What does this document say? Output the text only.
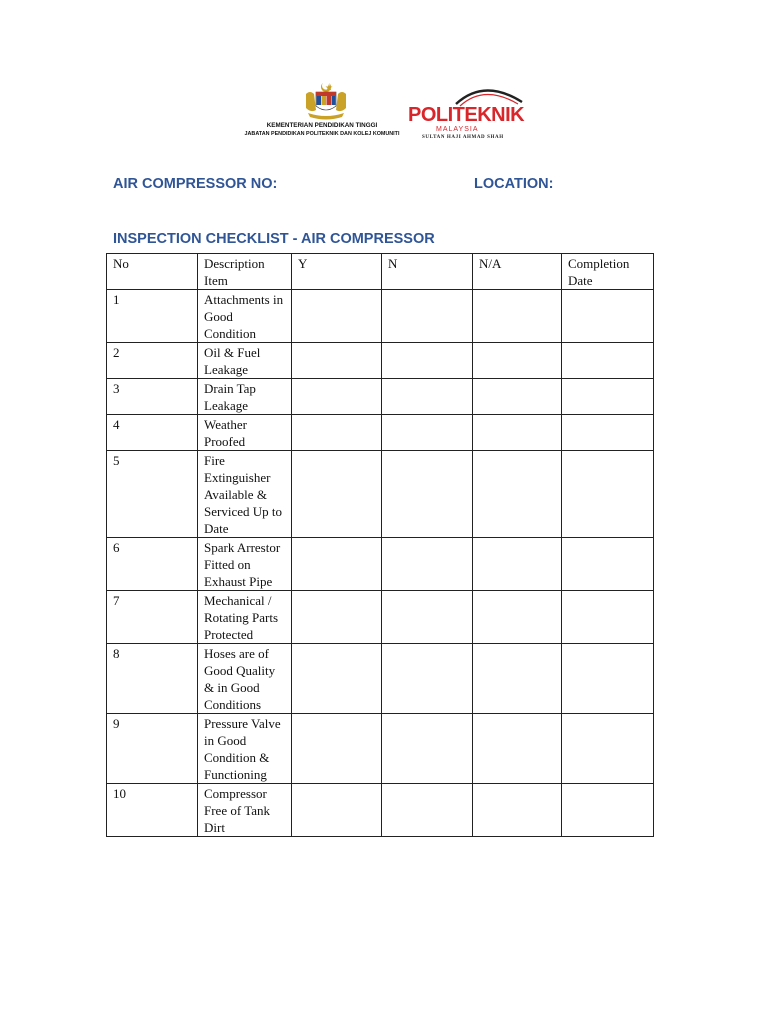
KEMENTERIAN PENDIDIKAN TINGGI
JABATAN PENDIDIKAN POLITEKNIK DAN KOLEJ KOMUNITI
POLITEKNIK
MALAYSIA
SULTAN HAJI AHMAD SHAH
AIR COMPRESSOR NO:	LOCATION:
INSPECTION CHECKLIST - AIR COMPRESSOR
No	Description Item	Y	N	N/A	Completion Date
1	Attachments in Good Condition				
2	Oil & Fuel Leakage				
3	Drain Tap Leakage				
4	Weather Proofed				
5	Fire Extinguisher Available & Serviced Up to Date				
6	Spark Arrestor Fitted on Exhaust Pipe				
7	Mechanical / Rotating Parts Protected				
8	Hoses are of Good Quality & in Good Conditions				
9	Pressure Valve in Good Condition & Functioning				
10	Compressor Free of Tank Dirt				
